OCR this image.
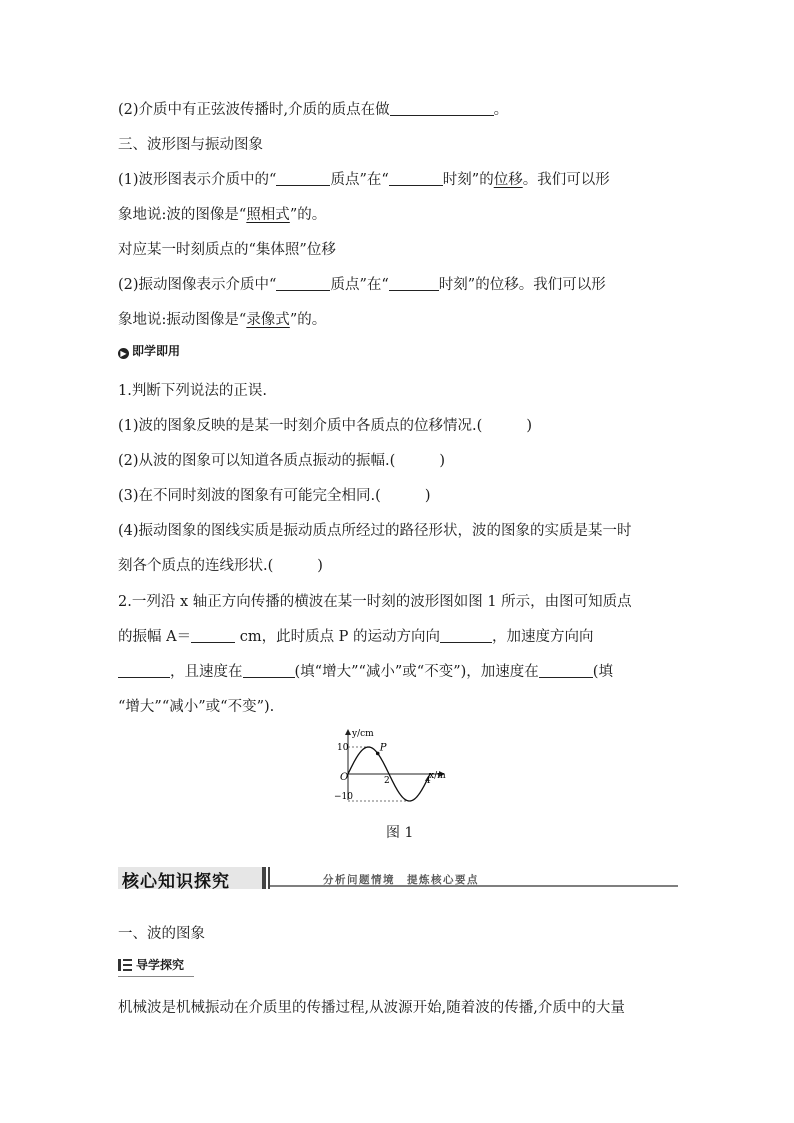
(2)介质中有正弦波传播时,介质的质点在做	。
三、波形图与振动图象
(1)波形图表示介质中的“	质点”在“	时刻”的位移。我们可以形
象地说:波的图像是“照相式”的。
对应某一时刻质点的“集体照”位移
(2)振动图像表示介质中“	质点”在“	时刻”的位移。我们可以形
象地说:振动图像是“录像式”的。
▶ 即学即用
1.判断下列说法的正误.
(1)波的图象反映的是某一时刻介质中各质点的位移情况.(	)
(2)从波的图象可以知道各质点振动的振幅.(	)
(3)在不同时刻波的图象有可能完全相同.(	)
(4)振动图象的图线实质是振动质点所经过的路径形状，波的图象的实质是某一时
刻各个质点的连线形状.(	)
2.一列沿 x 轴正方向传播的横波在某一时刻的波形图如图 1 所示，由图可知质点
的振幅 A＝	cm，此时质点 P 的运动方向向	，加速度方向向
，且速度在	(填“增大”“减小”或“不变”)，加速度在	(填
“增大”“减小”或“不变”).
P
y/cm
x/m
O
10
−10
2	4
图 1
核心知识探究	分析问题情境　提炼核心要点
一、波的图象
导学探究
机械波是机械振动在介质里的传播过程,从波源开始,随着波的传播,介质中的大量
